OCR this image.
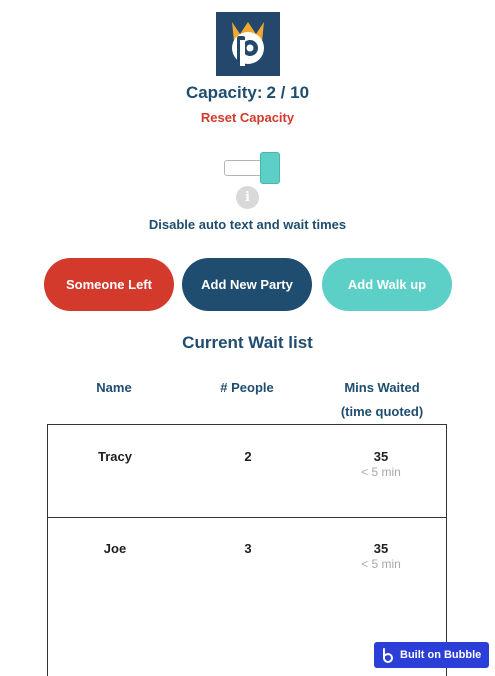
Capacity: 2 / 10
Reset Capacity
i
Disable auto text and wait times
Someone Left	Add New Party	Add Walk up
Current Wait list
Name	# People	Mins Waited
(time quoted)
Tracy	2	35
< 5 min
Joe	3	35
< 5 min
Built on Bubble
